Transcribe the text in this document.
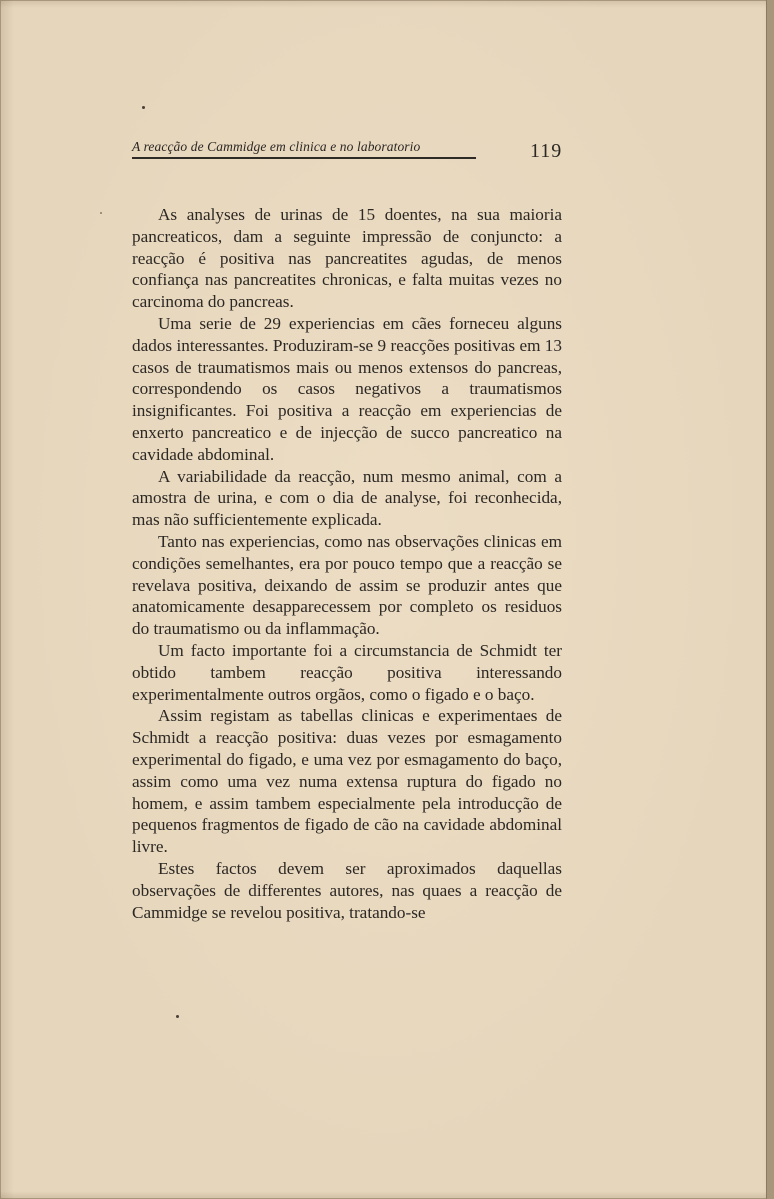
A reacção de Cammidge em clinica e no laboratorio	119

As analyses de urinas de 15 doentes, na sua maioria pancreaticos, dam a seguinte impressão de conjuncto: a reacção é positiva nas pancreatites agudas, de menos confiança nas pancreatites chronicas, e falta muitas vezes no carcinoma do pancreas.

Uma serie de 29 experiencias em cães forneceu alguns dados interessantes. Produziram-se 9 reacções positivas em 13 casos de traumatismos mais ou menos extensos do pancreas, correspondendo os casos negativos a traumatismos insignificantes. Foi positiva a reacção em experiencias de enxerto pancreatico e de injecção de succo pancreatico na cavidade abdominal.

A variabilidade da reacção, num mesmo animal, com a amostra de urina, e com o dia de analyse, foi reconhecida, mas não sufficientemente explicada.

Tanto nas experiencias, como nas observações clinicas em condições semelhantes, era por pouco tempo que a reacção se revelava positiva, deixando de assim se produzir antes que anatomicamente desapparecessem por completo os residuos do traumatismo ou da inflammação.

Um facto importante foi a circumstancia de Schmidt ter obtido tambem reacção positiva interessando experimentalmente outros orgãos, como o figado e o baço.

Assim registam as tabellas clinicas e experimentaes de Schmidt a reacção positiva: duas vezes por esmagamento experimental do figado, e uma vez por esmagamento do baço, assim como uma vez numa extensa ruptura do figado no homem, e assim tambem especialmente pela introducção de pequenos fragmentos de figado de cão na cavidade abdominal livre.

Estes factos devem ser aproximados daquellas observações de differentes autores, nas quaes a reacção de Cammidge se revelou positiva, tratando-se
